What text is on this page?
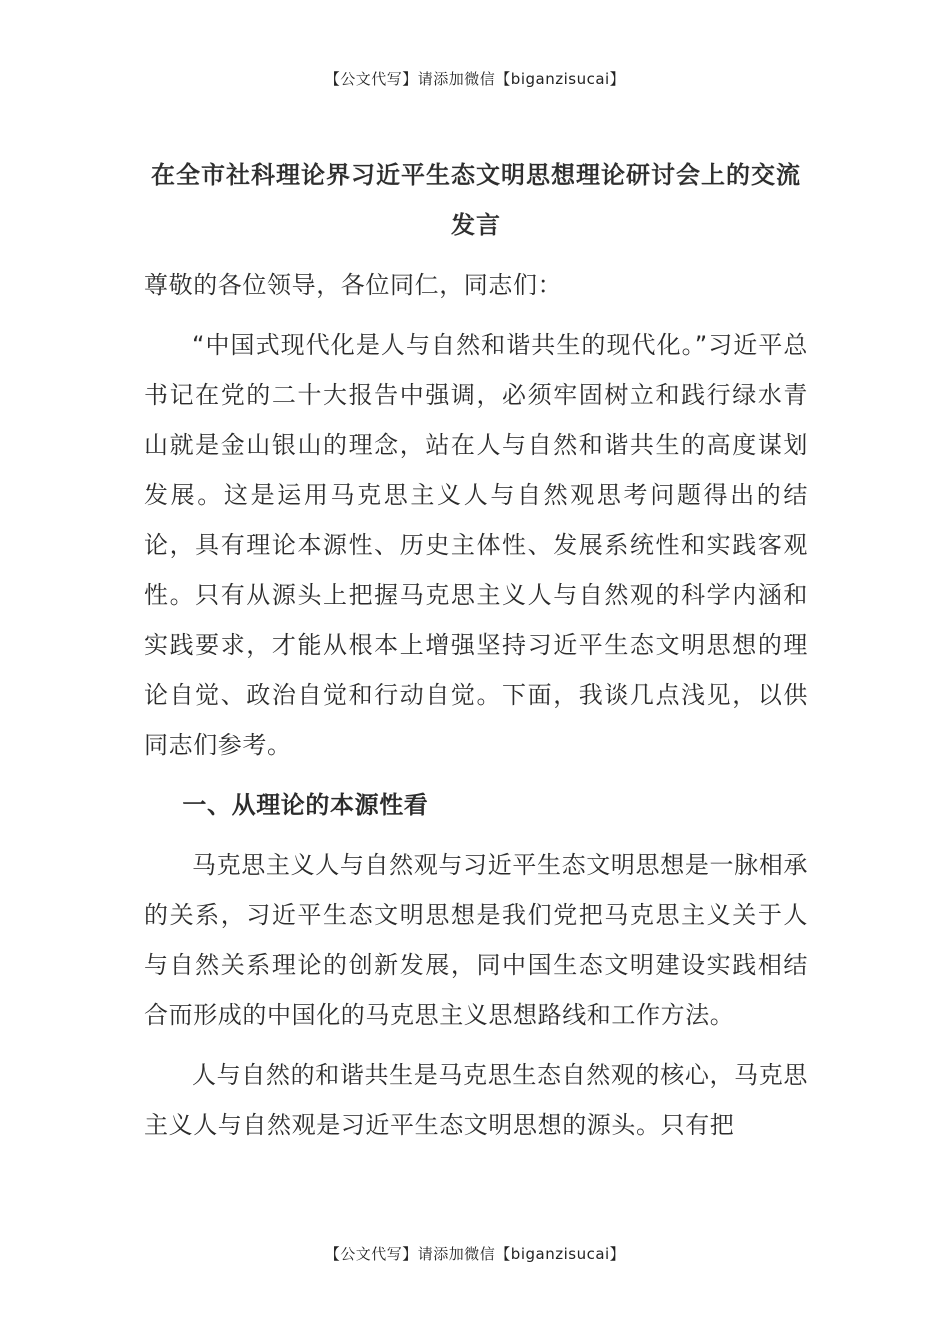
【公文代写】请添加微信【biganzisucai】
在全市社科理论界习近平生态文明思想理论研讨会上的交流发言

尊敬的各位领导，各位同仁，同志们：

“中国式现代化是人与自然和谐共生的现代化。”习近平总书记在党的二十大报告中强调，必须牢固树立和践行绿水青山就是金山银山的理念，站在人与自然和谐共生的高度谋划发展。这是运用马克思主义人与自然观思考问题得出的结论，具有理论本源性、历史主体性、发展系统性和实践客观性。只有从源头上把握马克思主义人与自然观的科学内涵和实践要求，才能从根本上增强坚持习近平生态文明思想的理论自觉、政治自觉和行动自觉。下面，我谈几点浅见，以供同志们参考。

一、从理论的本源性看

马克思主义人与自然观与习近平生态文明思想是一脉相承的关系，习近平生态文明思想是我们党把马克思主义关于人与自然关系理论的创新发展，同中国生态文明建设实践相结合而形成的中国化的马克思主义思想路线和工作方法。

人与自然的和谐共生是马克思生态自然观的核心，马克思主义人与自然观是习近平生态文明思想的源头。只有把

【公文代写】请添加微信【biganzisucai】
